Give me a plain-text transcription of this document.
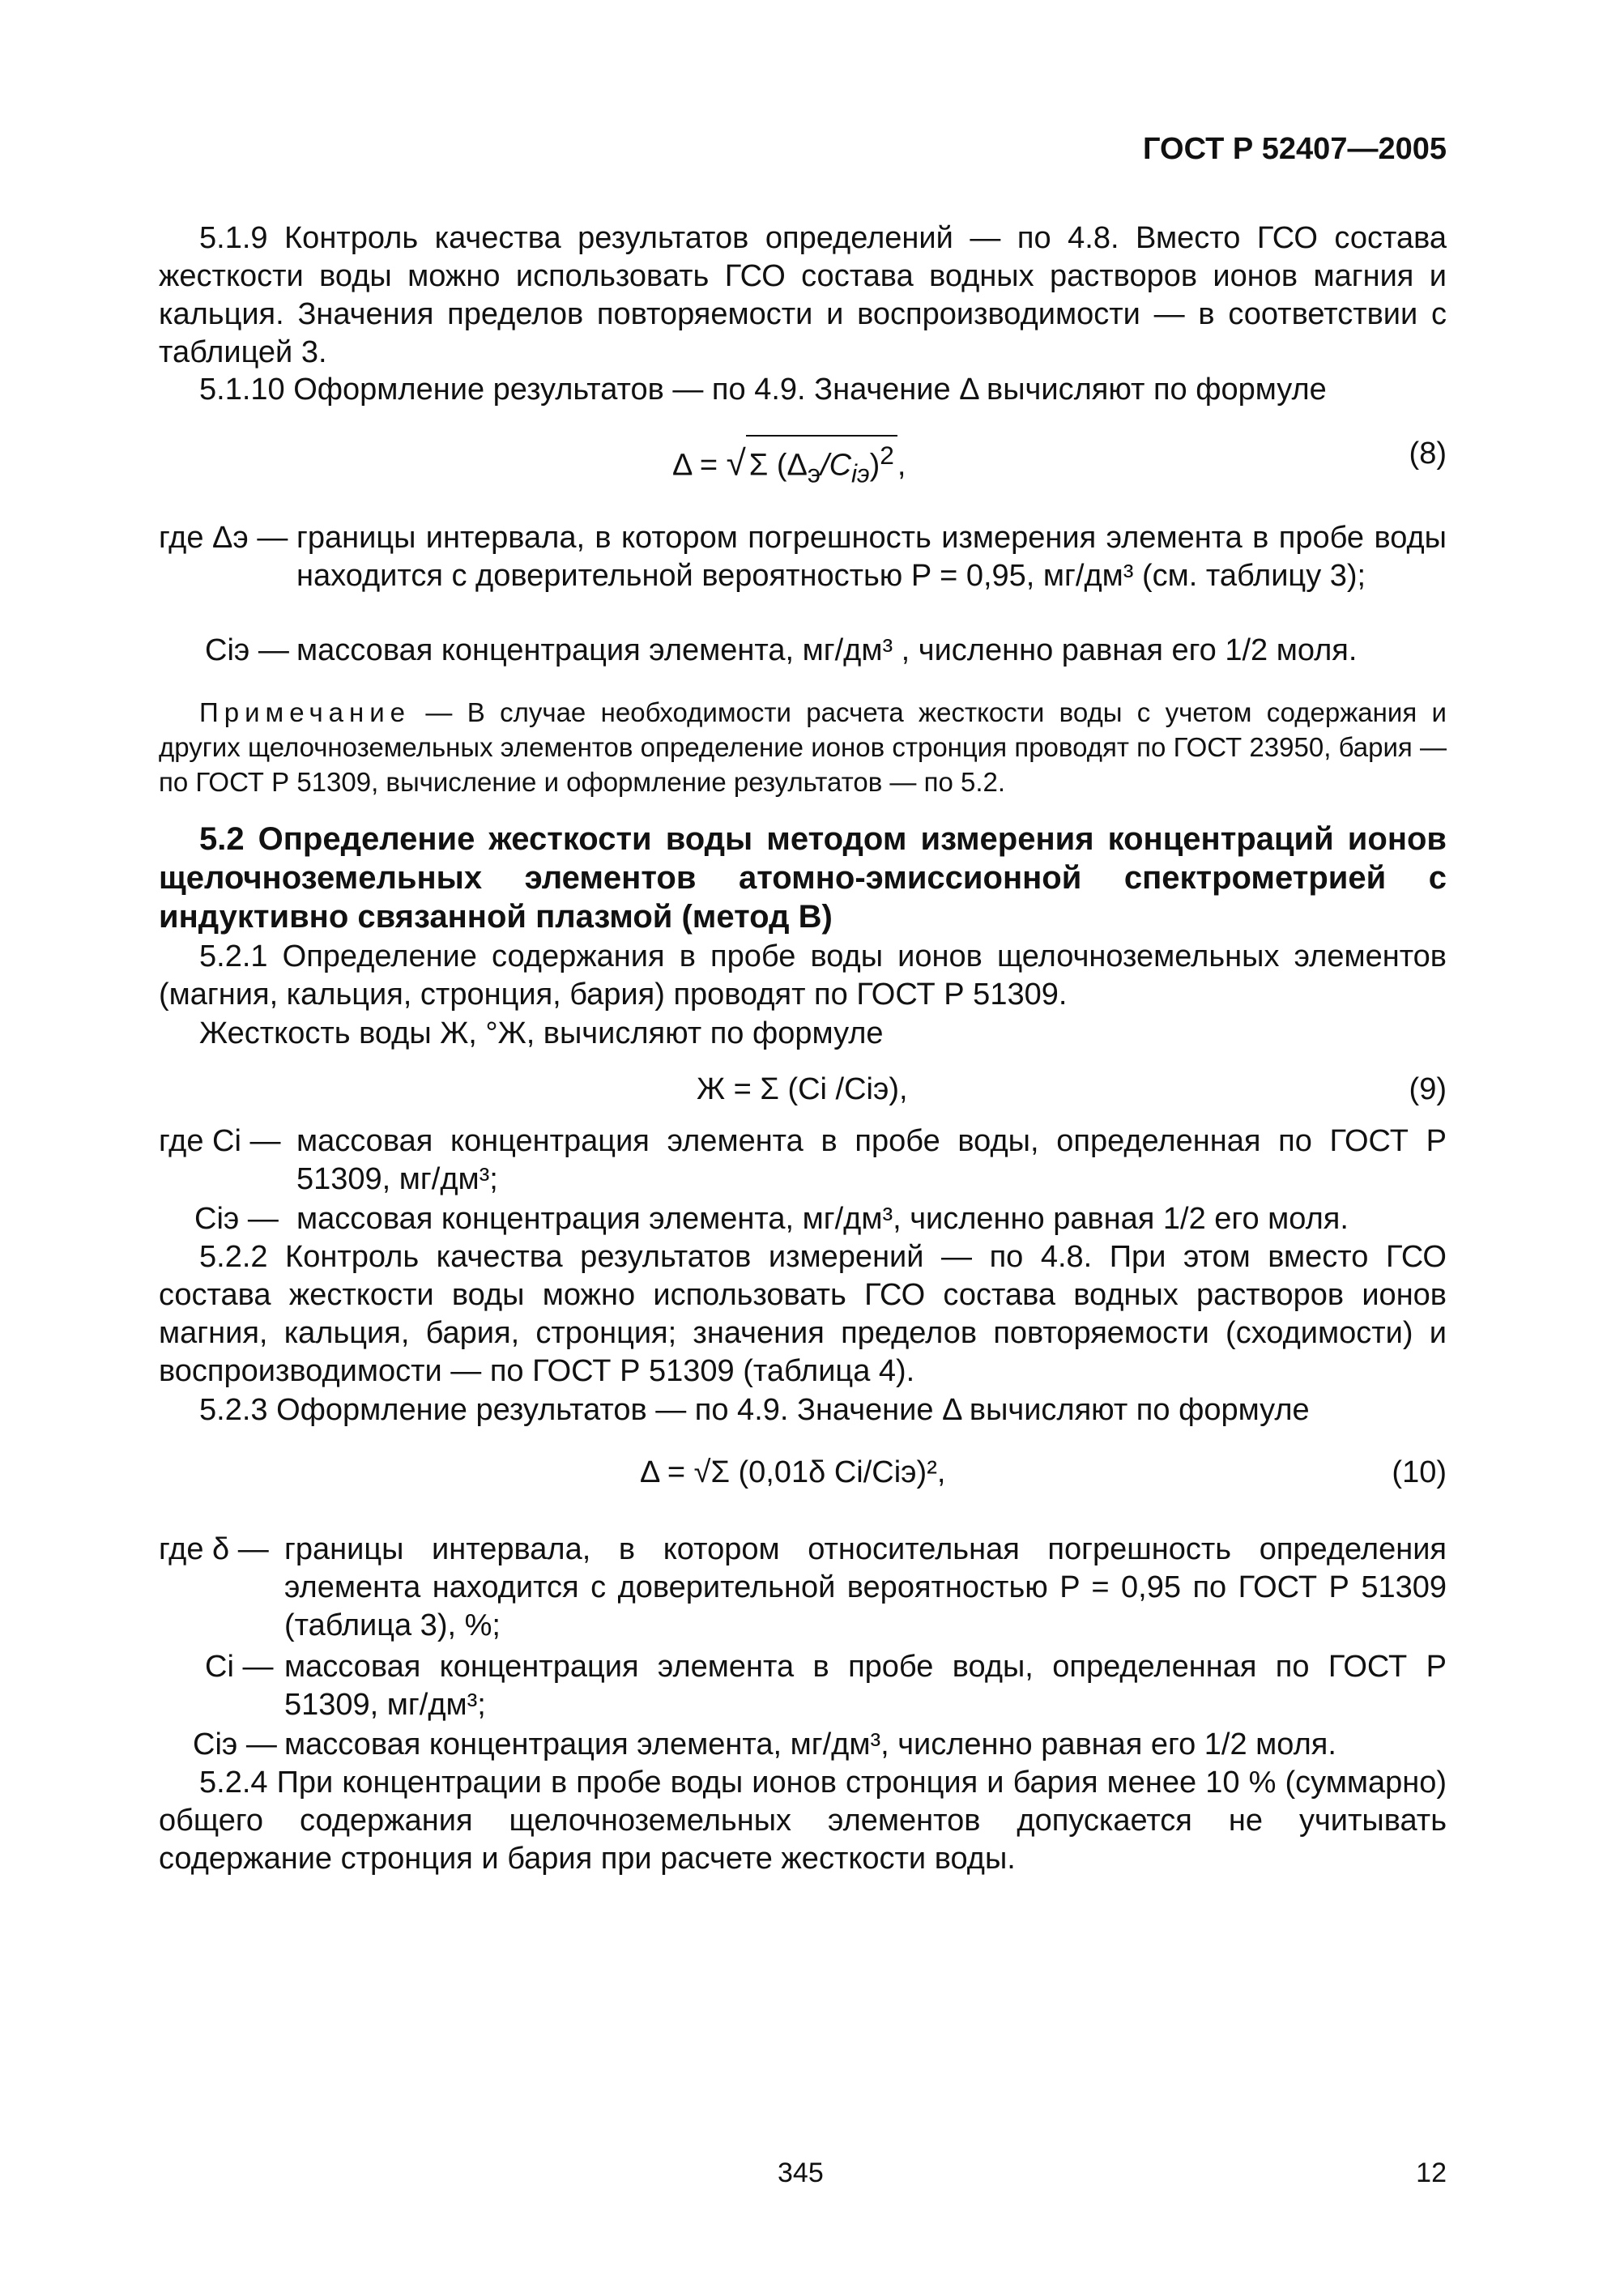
ГОСТ Р 52407—2005
5.1.9 Контроль качества результатов определений — по 4.8. Вместо ГСО состава жесткости воды можно использовать ГСО состава водных растворов ионов магния и кальция. Значения пределов повторяемости и воспроизводимости — в соответствии с таблицей 3.
5.1.10 Оформление результатов — по 4.9. Значение Δ вычисляют по формуле
Δ = √ Σ $(\Delta_э/C_{iэ})^2$ ,	(8)
где Δэ — границы интервала, в котором погрешность измерения элемента в пробе воды находится с доверительной вероятностью P = 0,95, мг/дм³ (см. таблицу 3);
Ciэ — массовая концентрация элемента, мг/дм³ , численно равная его 1/2 моля.
Примечание — В случае необходимости расчета жесткости воды с учетом содержания и других щелочноземельных элементов определение ионов стронция проводят по ГОСТ 23950, бария — по ГОСТ Р 51309, вычисление и оформление результатов — по 5.2.
5.2 Определение жесткости воды методом измерения концентраций ионов щелочноземельных элементов атомно-эмиссионной спектрометрией с индуктивно связанной плазмой (метод В)
5.2.1 Определение содержания в пробе воды ионов щелочноземельных элементов (магния, кальция, стронция, бария) проводят по ГОСТ Р 51309.
Жесткость воды Ж, °Ж, вычисляют по формуле
Ж = Σ (Ci /Ciэ),	(9)
где Ci — массовая концентрация элемента в пробе воды, определенная по ГОСТ Р 51309, мг/дм³;
Ciэ — массовая концентрация элемента, мг/дм³, численно равная 1/2 его моля.
5.2.2 Контроль качества результатов измерений — по 4.8. При этом вместо ГСО состава жесткости воды можно использовать ГСО состава водных растворов ионов магния, кальция, бария, стронция; значения пределов повторяемости (сходимости) и воспроизводимости — по ГОСТ Р 51309 (таблица 4).
5.2.3 Оформление результатов — по 4.9. Значение Δ вычисляют по формуле
Δ = √Σ (0,01δ Ci/Ciэ)²,	(10)
где δ — границы интервала, в котором относительная погрешность определения элемента находится с доверительной вероятностью P = 0,95 по ГОСТ Р 51309 (таблица 3), %;
Ci — массовая концентрация элемента в пробе воды, определенная по ГОСТ Р 51309, мг/дм³;
Ciэ — массовая концентрация элемента, мг/дм³, численно равная его 1/2 моля.
5.2.4 При концентрации в пробе воды ионов стронция и бария менее 10 % (суммарно) общего содержания щелочноземельных элементов допускается не учитывать содержание стронция и бария при расчете жесткости воды.
345	12
